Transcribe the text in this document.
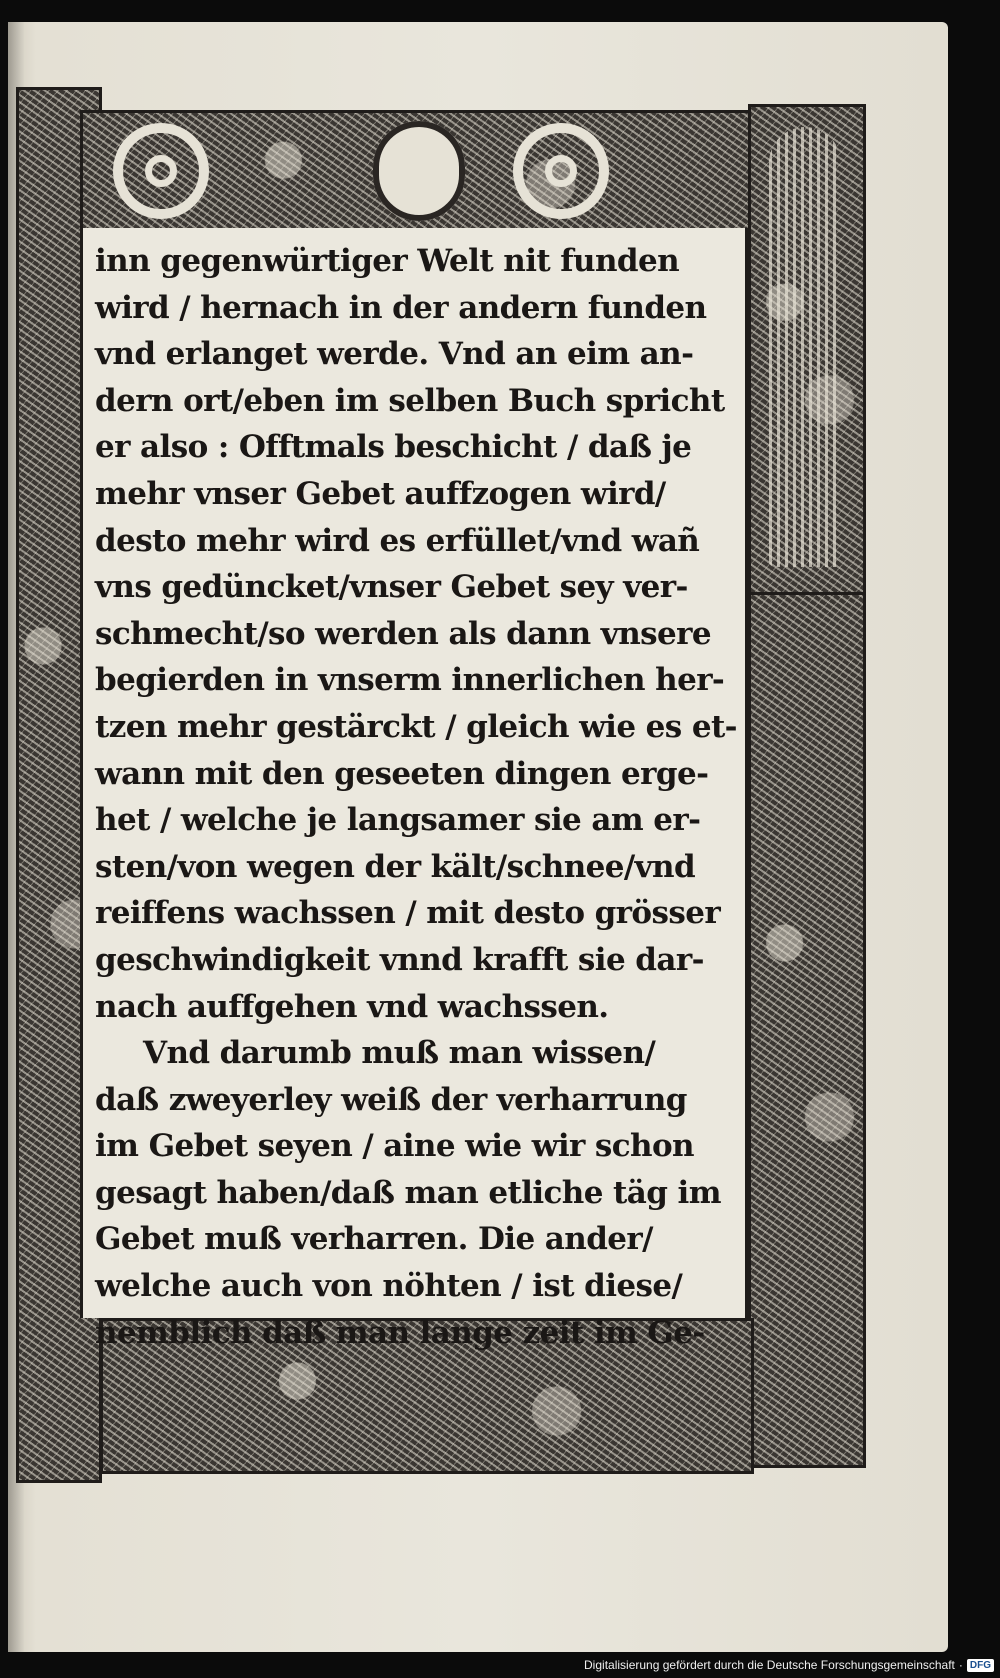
inn gegenwürtiger Welt nit funden
wird / hernach in der andern funden
vnd erlanget werde. Vnd an eim an-
dern ort/eben im selben Buch spricht
er also : Offtmals beschicht / daß je
mehr vnser Gebet auffzogen wird/
desto mehr wird es erfüllet/vnd wañ
vns gedüncket/vnser Gebet sey ver-
schmecht/so werden als dann vnsere
begierden in vnserm innerlichen her-
tzen mehr gestärckt / gleich wie es et-
wann mit den geseeten dingen erge-
het / welche je langsamer sie am er-
sten/von wegen der kält/schnee/vnd
reiffens wachssen / mit desto grösser
geschwindigkeit vnnd krafft sie dar-
nach auffgehen vnd wachssen.
Vnd darumb muß man wissen/
daß zweyerley weiß der verharrung
im Gebet seyen / aine wie wir schon
gesagt haben/daß man etliche täg im
Gebet muß verharren. Die ander/
welche auch von nöhten / ist diese/
nemblich daß man lange zeit im Ge-
Digitalisierung gefördert durch die Deutsche Forschungsgemeinschaft · DFG
